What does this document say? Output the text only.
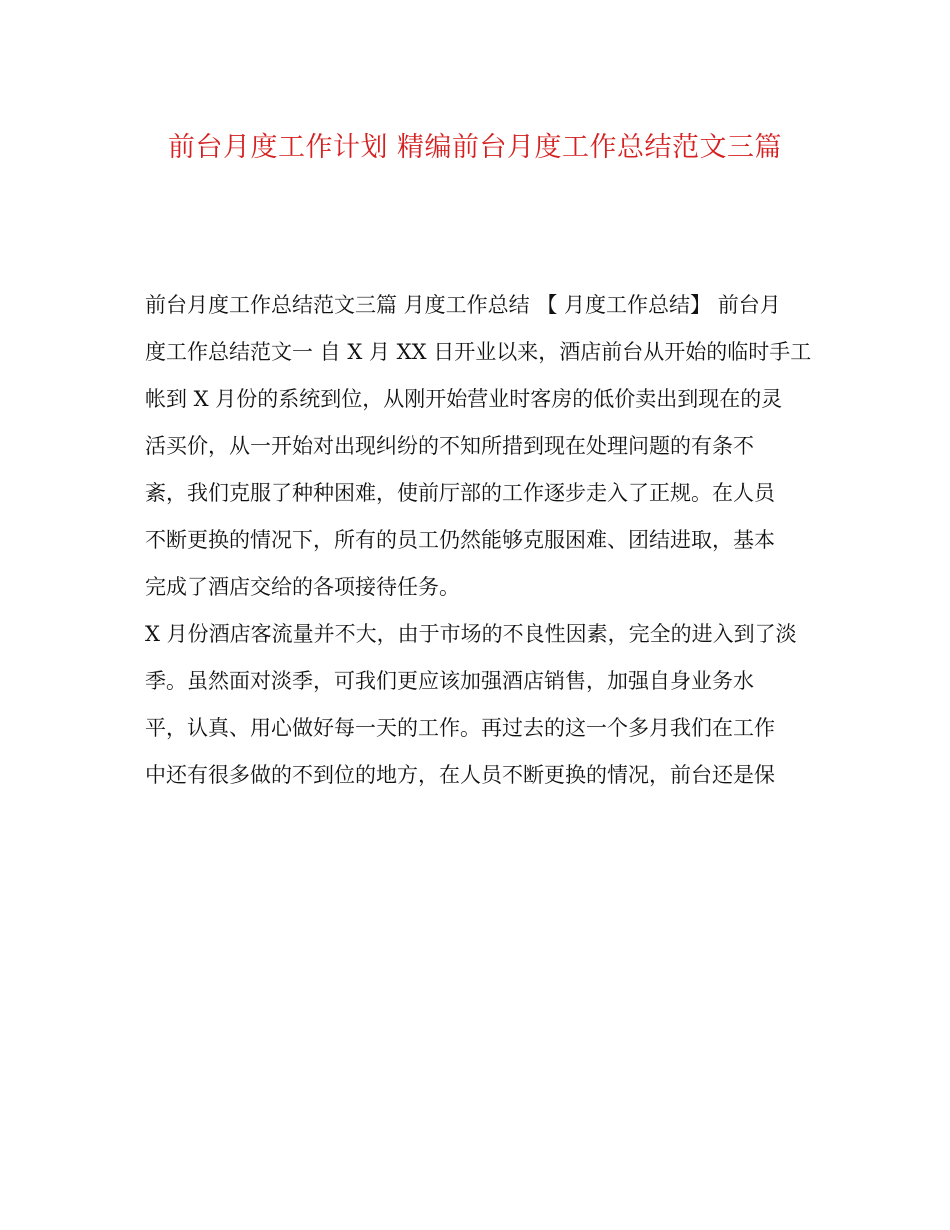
前台月度工作计划 精编前台月度工作总结范文三篇
前台月度工作总结范文三篇 月度工作总结 【 月度工作总结】 前台月
度工作总结范文一 自 X 月 XX 日开业以来，酒店前台从开始的临时手工
帐到 X 月份的系统到位，从刚开始营业时客房的低价卖出到现在的灵
活买价，从一开始对出现纠纷的不知所措到现在处理问题的有条不
紊，我们克服了种种困难，使前厅部的工作逐步走入了正规。在人员
不断更换的情况下，所有的员工仍然能够克服困难、团结进取，基本
完成了酒店交给的各项接待任务。
X 月份酒店客流量并不大，由于市场的不良性因素，完全的进入到了淡
季。虽然面对淡季，可我们更应该加强酒店销售，加强自身业务水
平，认真、用心做好每一天的工作。再过去的这一个多月我们在工作
中还有很多做的不到位的地方，在人员不断更换的情况，前台还是保
